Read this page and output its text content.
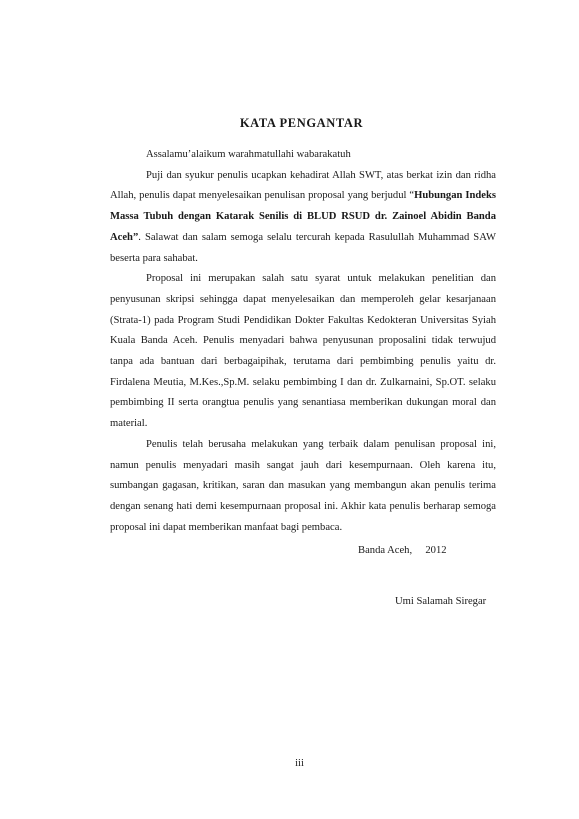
KATA PENGANTAR
Assalamu’alaikum warahmatullahi wabarakatuh

Puji dan syukur penulis ucapkan kehadirat Allah SWT, atas berkat izin dan ridha Allah, penulis dapat menyelesaikan penulisan proposal yang berjudul “Hubungan Indeks Massa Tubuh dengan Katarak Senilis di BLUD RSUD dr. Zainoel Abidin Banda Aceh”. Salawat dan salam semoga selalu tercurah kepada Rasulullah Muhammad SAW beserta para sahabat.

Proposal ini merupakan salah satu syarat untuk melakukan penelitian dan penyusunan skripsi sehingga dapat menyelesaikan dan memperoleh gelar kesarjanaan (Strata-1) pada Program Studi Pendidikan Dokter Fakultas Kedokteran Universitas Syiah Kuala Banda Aceh. Penulis menyadari bahwa penyusunan proposalini tidak terwujud tanpa ada bantuan dari berbagaipihak, terutama dari pembimbing penulis yaitu dr. Firdalena Meutia, M.Kes.,Sp.M. selaku pembimbing I dan dr. Zulkarnaini, Sp.OT. selaku pembimbing II serta orangtua penulis yang senantiasa memberikan dukungan moral dan material.

Penulis telah berusaha melakukan yang terbaik dalam penulisan proposal ini, namun penulis menyadari masih sangat jauh dari kesempurnaan. Oleh karena itu, sumbangan gagasan, kritikan, saran dan masukan yang membangun akan penulis terima dengan senang hati demi kesempurnaan proposal ini. Akhir kata penulis berharap semoga proposal ini dapat memberikan manfaat bagi pembaca.

Banda Aceh,     2012
Umi Salamah Siregar
iii
